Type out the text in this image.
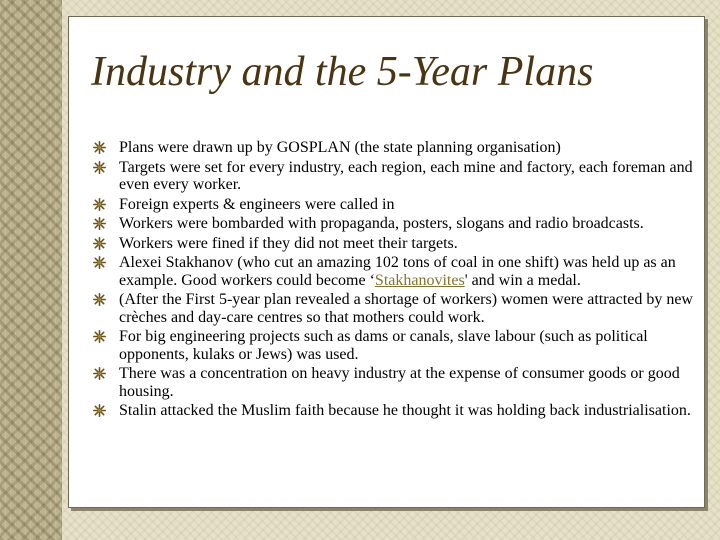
Industry and the 5-Year Plans
Plans were drawn up by GOSPLAN (the state planning organisation)
Targets were set for every industry, each region, each mine and factory, each foreman and even every worker.
Foreign experts & engineers were called in
Workers were bombarded with propaganda, posters, slogans and radio broadcasts.
Workers were fined if they did not meet their targets.
Alexei Stakhanov (who cut an amazing 102 tons of coal in one shift) was held up as an example. Good workers could become ‘Stakhanovites' and win a medal.
(After the First 5-year plan revealed a shortage of workers) women were attracted by new crèches and day-care centres so that mothers could work.
For big engineering projects such as dams or canals, slave labour (such as political opponents, kulaks or Jews) was used.
There was a concentration on heavy industry at the expense of consumer goods or good housing.
Stalin attacked the Muslim faith because he thought it was holding back industrialisation.
